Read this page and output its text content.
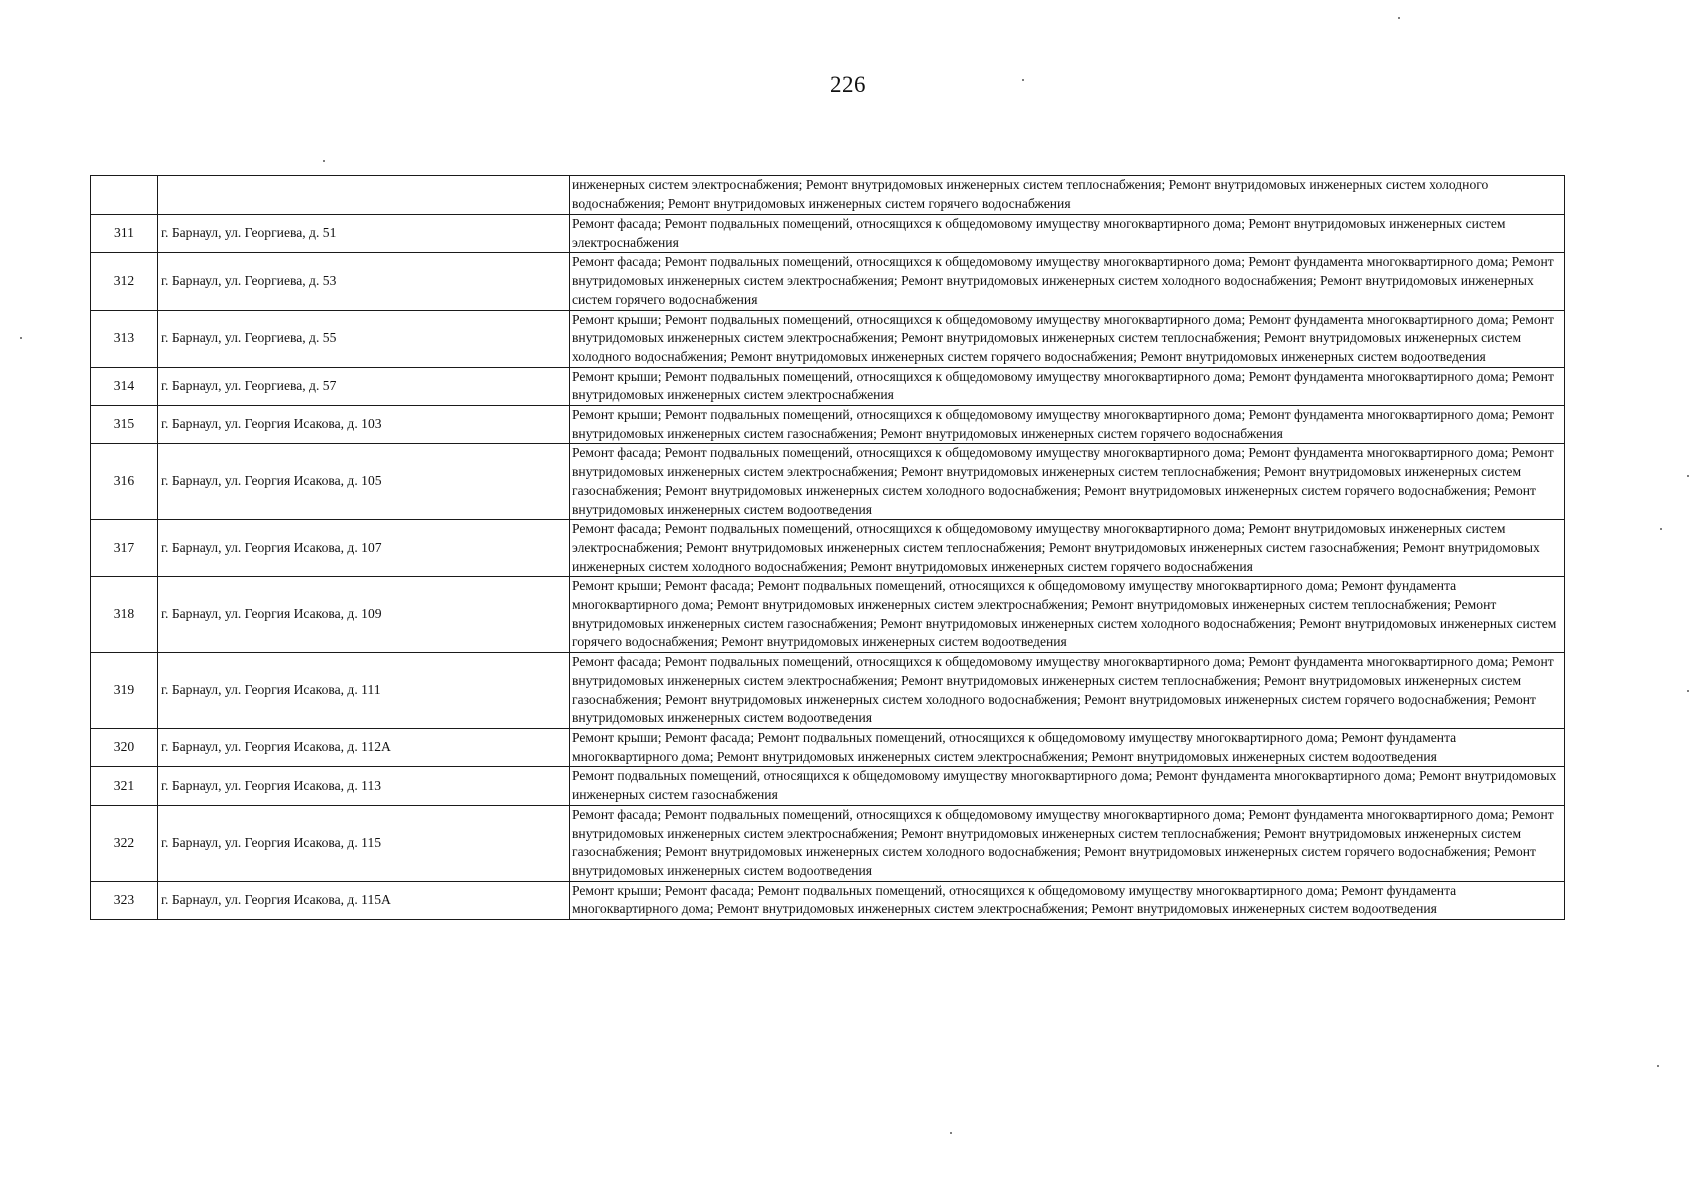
226
		инженерных систем электроснабжения; Ремонт внутридомовых инженерных систем теплоснабжения; Ремонт внутридомовых инженерных систем холодного водоснабжения; Ремонт внутридомовых инженерных систем горячего водоснабжения
311	г. Барнаул, ул. Георгиева, д. 51	Ремонт фасада; Ремонт подвальных помещений, относящихся к общедомовому имуществу многоквартирного дома; Ремонт внутридомовых инженерных систем электроснабжения
312	г. Барнаул, ул. Георгиева, д. 53	Ремонт фасада; Ремонт подвальных помещений, относящихся к общедомовому имуществу многоквартирного дома; Ремонт фундамента многоквартирного дома; Ремонт внутридомовых инженерных систем электроснабжения; Ремонт внутридомовых инженерных систем холодного водоснабжения; Ремонт внутридомовых инженерных систем горячего водоснабжения
313	г. Барнаул, ул. Георгиева, д. 55	Ремонт крыши; Ремонт подвальных помещений, относящихся к общедомовому имуществу многоквартирного дома; Ремонт фундамента многоквартирного дома; Ремонт внутридомовых инженерных систем электроснабжения; Ремонт внутридомовых инженерных систем теплоснабжения; Ремонт внутридомовых инженерных систем холодного водоснабжения; Ремонт внутридомовых инженерных систем горячего водоснабжения; Ремонт внутридомовых инженерных систем водоотведения
314	г. Барнаул, ул. Георгиева, д. 57	Ремонт крыши; Ремонт подвальных помещений, относящихся к общедомовому имуществу многоквартирного дома; Ремонт фундамента многоквартирного дома; Ремонт внутридомовых инженерных систем электроснабжения
315	г. Барнаул, ул. Георгия Исакова, д. 103	Ремонт крыши; Ремонт подвальных помещений, относящихся к общедомовому имуществу многоквартирного дома; Ремонт фундамента многоквартирного дома; Ремонт внутридомовых инженерных систем газоснабжения; Ремонт внутридомовых инженерных систем горячего водоснабжения
316	г. Барнаул, ул. Георгия Исакова, д. 105	Ремонт фасада; Ремонт подвальных помещений, относящихся к общедомовому имуществу многоквартирного дома; Ремонт фундамента многоквартирного дома; Ремонт внутридомовых инженерных систем электроснабжения; Ремонт внутридомовых инженерных систем теплоснабжения; Ремонт внутридомовых инженерных систем газоснабжения; Ремонт внутридомовых инженерных систем холодного водоснабжения; Ремонт внутридомовых инженерных систем горячего водоснабжения; Ремонт внутридомовых инженерных систем водоотведения
317	г. Барнаул, ул. Георгия Исакова, д. 107	Ремонт фасада; Ремонт подвальных помещений, относящихся к общедомовому имуществу многоквартирного дома; Ремонт внутридомовых инженерных систем электроснабжения; Ремонт внутридомовых инженерных систем теплоснабжения; Ремонт внутридомовых инженерных систем газоснабжения; Ремонт внутридомовых инженерных систем холодного водоснабжения; Ремонт внутридомовых инженерных систем горячего водоснабжения
318	г. Барнаул, ул. Георгия Исакова, д. 109	Ремонт крыши; Ремонт фасада; Ремонт подвальных помещений, относящихся к общедомовому имуществу многоквартирного дома; Ремонт фундамента многоквартирного дома; Ремонт внутридомовых инженерных систем электроснабжения; Ремонт внутридомовых инженерных систем теплоснабжения; Ремонт внутридомовых инженерных систем газоснабжения; Ремонт внутридомовых инженерных систем холодного водоснабжения; Ремонт внутридомовых инженерных систем горячего водоснабжения; Ремонт внутридомовых инженерных систем водоотведения
319	г. Барнаул, ул. Георгия Исакова, д. 111	Ремонт фасада; Ремонт подвальных помещений, относящихся к общедомовому имуществу многоквартирного дома; Ремонт фундамента многоквартирного дома; Ремонт внутридомовых инженерных систем электроснабжения; Ремонт внутридомовых инженерных систем теплоснабжения; Ремонт внутридомовых инженерных систем газоснабжения; Ремонт внутридомовых инженерных систем холодного водоснабжения; Ремонт внутридомовых инженерных систем горячего водоснабжения; Ремонт внутридомовых инженерных систем водоотведения
320	г. Барнаул, ул. Георгия Исакова, д. 112А	Ремонт крыши; Ремонт фасада; Ремонт подвальных помещений, относящихся к общедомовому имуществу многоквартирного дома; Ремонт фундамента многоквартирного дома; Ремонт внутридомовых инженерных систем электроснабжения; Ремонт внутридомовых инженерных систем водоотведения
321	г. Барнаул, ул. Георгия Исакова, д. 113	Ремонт подвальных помещений, относящихся к общедомовому имуществу многоквартирного дома; Ремонт фундамента многоквартирного дома; Ремонт внутридомовых инженерных систем газоснабжения
322	г. Барнаул, ул. Георгия Исакова, д. 115	Ремонт фасада; Ремонт подвальных помещений, относящихся к общедомовому имуществу многоквартирного дома; Ремонт фундамента многоквартирного дома; Ремонт внутридомовых инженерных систем электроснабжения; Ремонт внутридомовых инженерных систем теплоснабжения; Ремонт внутридомовых инженерных систем газоснабжения; Ремонт внутридомовых инженерных систем холодного водоснабжения; Ремонт внутридомовых инженерных систем горячего водоснабжения; Ремонт внутридомовых инженерных систем водоотведения
323	г. Барнаул, ул. Георгия Исакова, д. 115А	Ремонт крыши; Ремонт фасада; Ремонт подвальных помещений, относящихся к общедомовому имуществу многоквартирного дома; Ремонт фундамента многоквартирного дома; Ремонт внутридомовых инженерных систем электроснабжения; Ремонт внутридомовых инженерных систем водоотведения
